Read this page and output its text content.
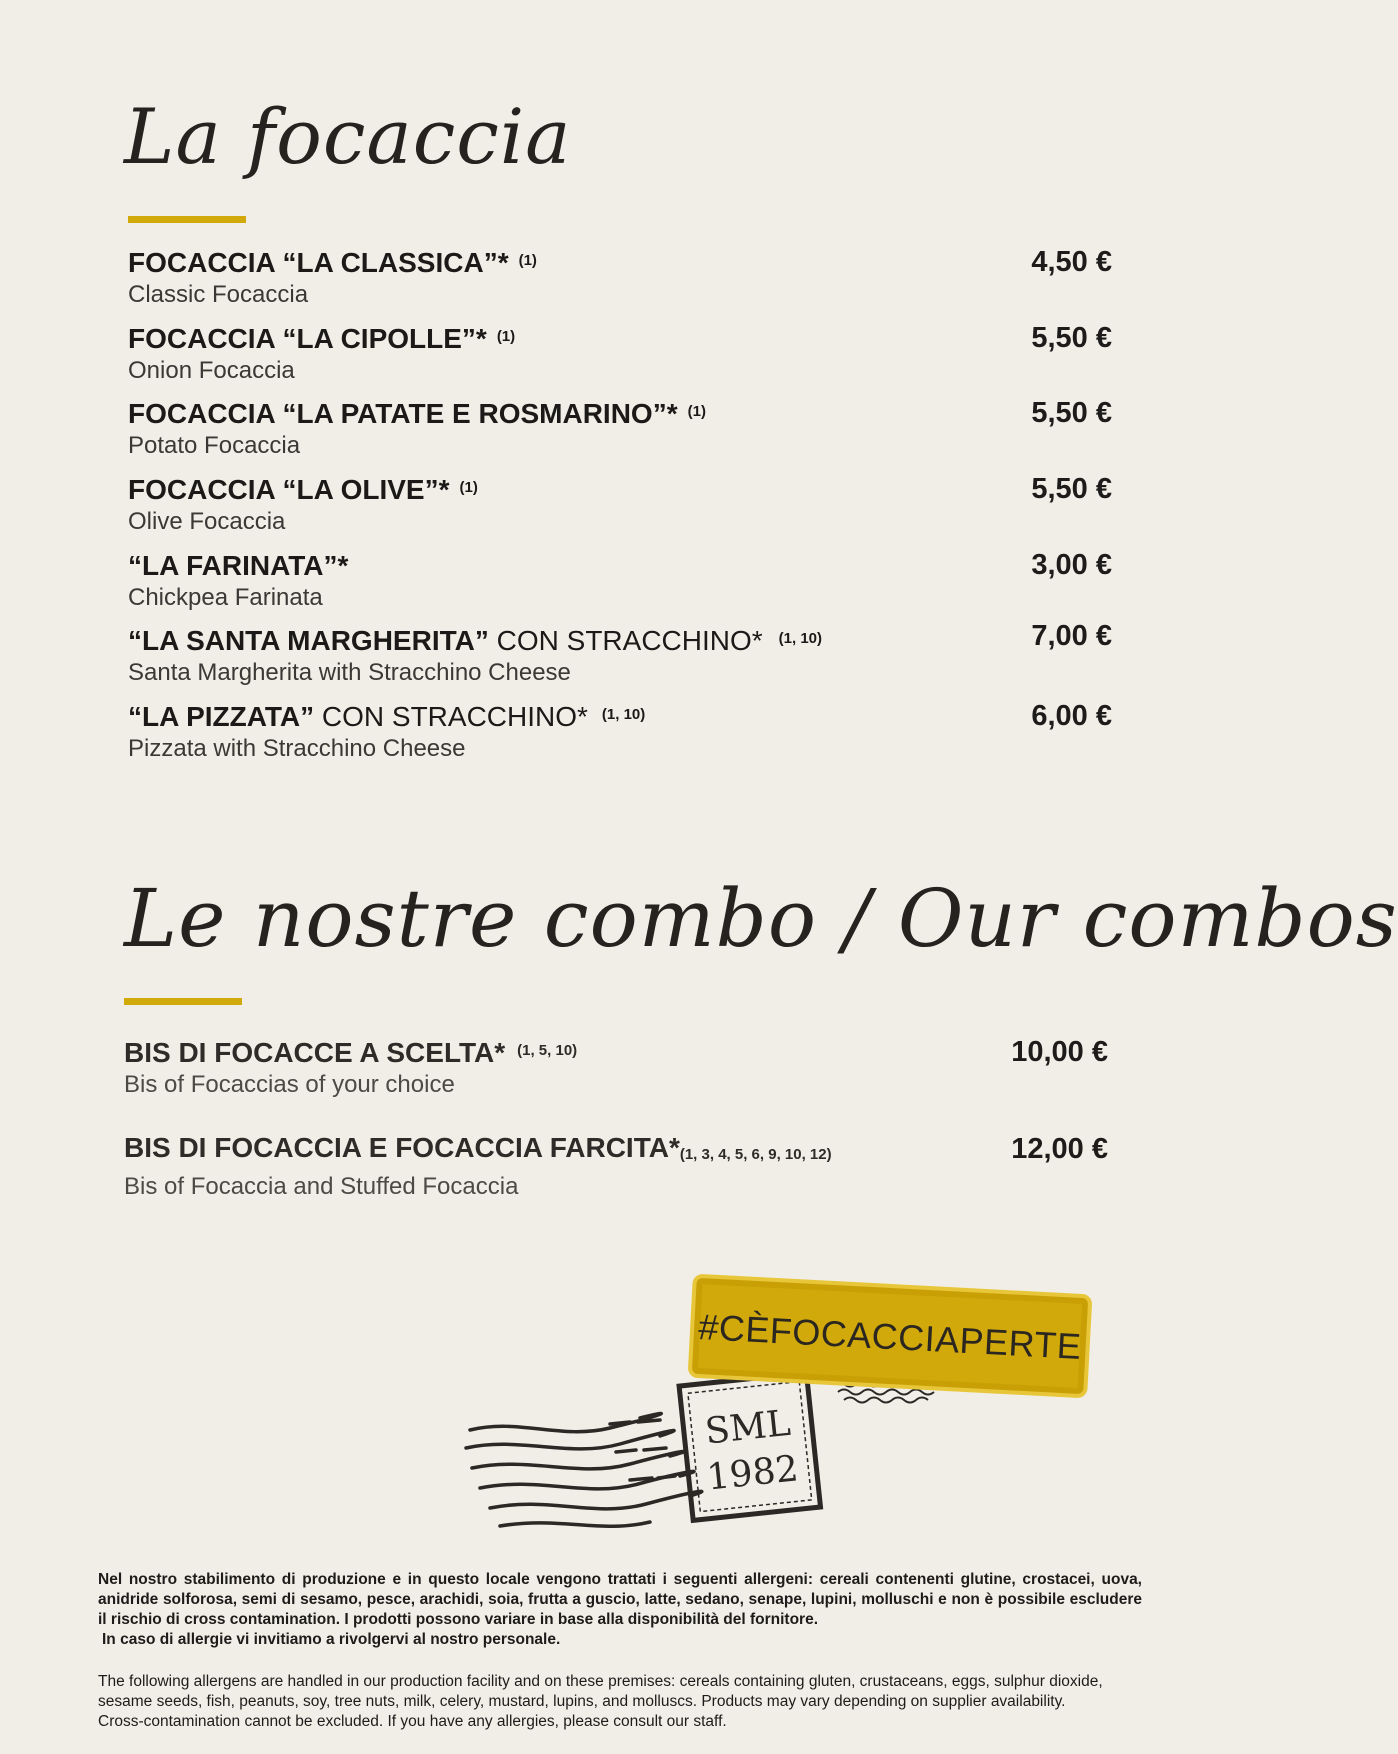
La focaccia
FOCACCIA “LA CLASSICA”* $^{(1)}$
Classic Focaccia
4,50 €
FOCACCIA “LA CIPOLLE”* $^{(1)}$
Onion Focaccia
5,50 €
FOCACCIA “LA PATATE E ROSMARINO”* $^{(1)}$
Potato Focaccia
5,50 €
FOCACCIA “LA OLIVE”* $^{(1)}$
Olive Focaccia
5,50 €
“LA FARINATA”*
Chickpea Farinata
3,00 €
“LA SANTA MARGHERITA” CON STRACCHINO* $^{(1, 10)}$
Santa Margherita with Stracchino Cheese
7,00 €
“LA PIZZATA” CON STRACCHINO* $^{(1, 10)}$
Pizzata with Stracchino Cheese
6,00 €
Le nostre combo / Our combos
BIS DI FOCACCE A SCELTA* $^{(1, 5, 10)}$
Bis of Focaccias of your choice
10,00 €
BIS DI FOCACCIA E FOCACCIA FARCITA*(1, 3, 4, 5, 6, 9, 10, 12)
Bis of Focaccia and Stuffed Focaccia
12,00 €
SML
1982
#CÈFOCACCIAPERTE

Nel nostro stabilimento di produzione e in questo locale vengono trattati i seguenti allergeni: cereali contenenti glutine, crostacei, uova, anidride solforosa, semi di sesamo, pesce, arachidi, soia, frutta a guscio, latte, sedano, senape, lupini, molluschi e non è possibile escludere il rischio di cross contamination. I prodotti possono variare in base alla disponibilità del fornitore.

In caso di allergie vi invitiamo a rivolgervi al nostro personale.

The following allergens are handled in our production facility and on these premises: cereals containing gluten, crustaceans, eggs, sulphur dioxide, sesame seeds, fish, peanuts, soy, tree nuts, milk, celery, mustard, lupins, and molluscs. Products may vary depending on supplier availability.

Cross-contamination cannot be excluded. If you have any allergies, please consult our staff.
